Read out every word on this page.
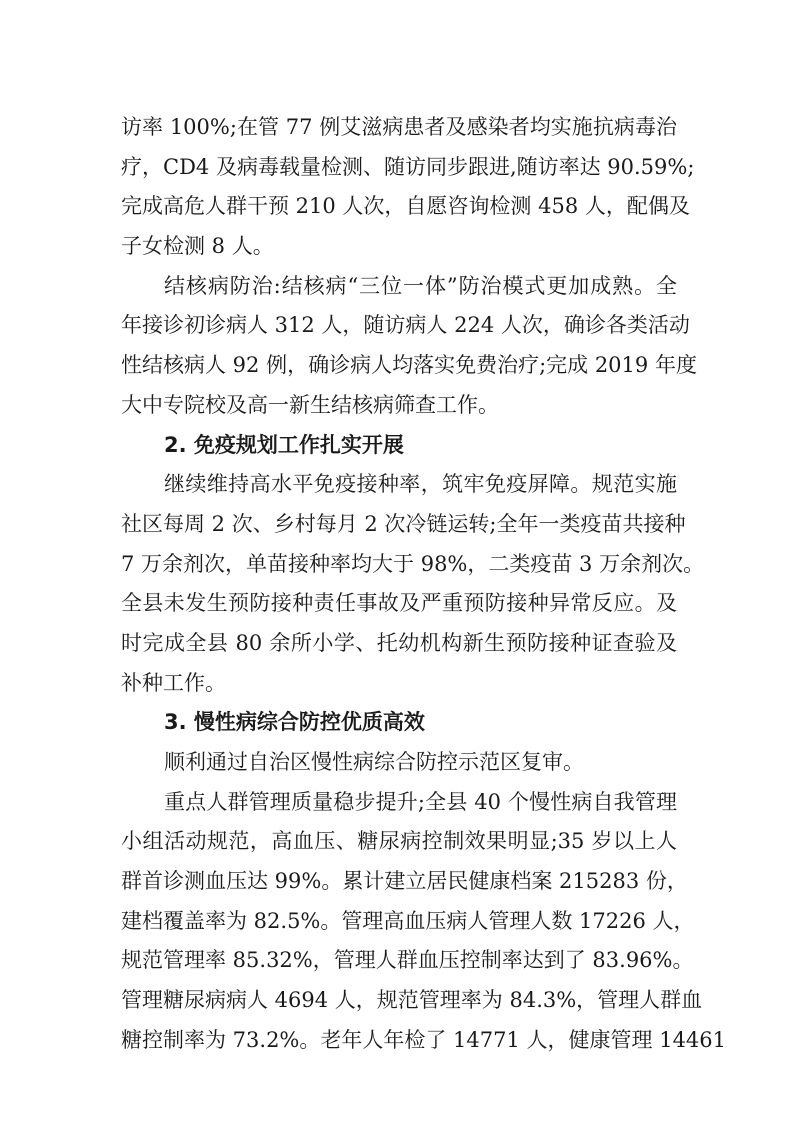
访率 100%;在管 77 例艾滋病患者及感染者均实施抗病毒治
疗，CD4 及病毒载量检测、随访同步跟进,随访率达 90.59%;
完成高危人群干预 210 人次，自愿咨询检测 458 人，配偶及
子女检测 8 人。
结核病防治:结核病“三位一体”防治模式更加成熟。全
年接诊初诊病人 312 人，随访病人 224 人次，确诊各类活动
性结核病人 92 例，确诊病人均落实免费治疗;完成 2019 年度
大中专院校及高一新生结核病筛查工作。
2. 免疫规划工作扎实开展
继续维持高水平免疫接种率，筑牢免疫屏障。规范实施
社区每周 2 次、乡村每月 2 次冷链运转;全年一类疫苗共接种
7 万余剂次，单苗接种率均大于 98%，二类疫苗 3 万余剂次。
全县未发生预防接种责任事故及严重预防接种异常反应。及
时完成全县 80 余所小学、托幼机构新生预防接种证查验及
补种工作。
3. 慢性病综合防控优质高效
顺利通过自治区慢性病综合防控示范区复审。
重点人群管理质量稳步提升;全县 40 个慢性病自我管理
小组活动规范，高血压、糖尿病控制效果明显;35 岁以上人
群首诊测血压达 99%。累计建立居民健康档案 215283 份，
建档覆盖率为 82.5%。管理高血压病人管理人数 17226 人，
规范管理率 85.32%，管理人群血压控制率达到了 83.96%。
管理糖尿病病人 4694 人，规范管理率为 84.3%，管理人群血
糖控制率为 73.2%。老年人年检了 14771 人，健康管理 14461
